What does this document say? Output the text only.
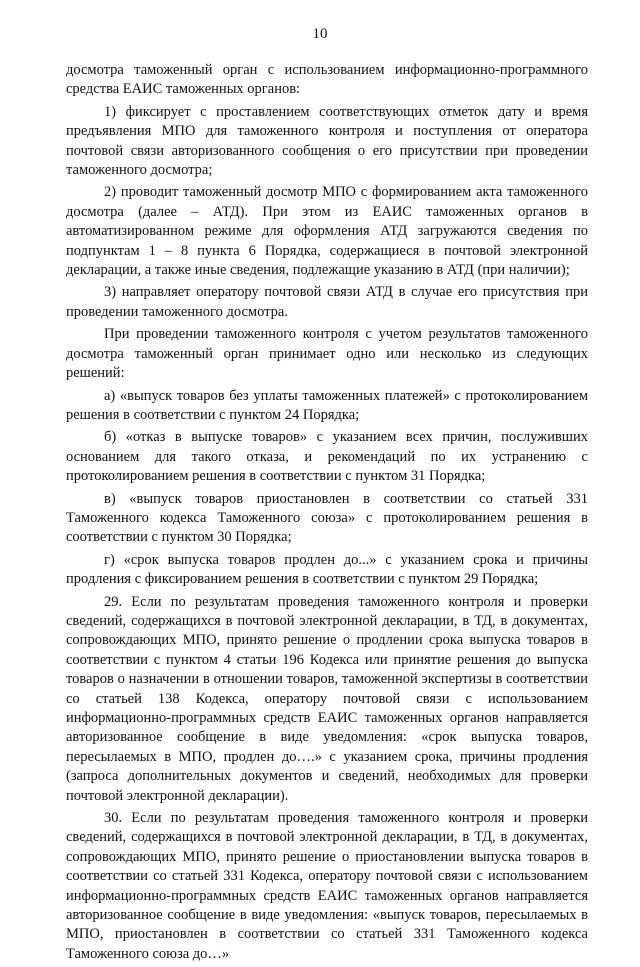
10

досмотра таможенный орган с использованием информационно-программного средства ЕАИС таможенных органов:

1) фиксирует с проставлением соответствующих отметок дату и время предъявления МПО для таможенного контроля и поступления от оператора почтовой связи авторизованного сообщения о его присутствии при проведении таможенного досмотра;

2) проводит таможенный досмотр МПО с формированием акта таможенного досмотра (далее – АТД). При этом из ЕАИС таможенных органов в автоматизированном режиме для оформления АТД загружаются сведения по подпунктам 1 – 8 пункта 6 Порядка, содержащиеся в почтовой электронной декларации, а также иные сведения, подлежащие указанию в АТД (при наличии);

3) направляет оператору почтовой связи АТД в случае его присутствия при проведении таможенного досмотра.

При проведении таможенного контроля с учетом результатов таможенного досмотра таможенный орган принимает одно или несколько из следующих решений:

а) «выпуск товаров без уплаты таможенных платежей» с протоколированием решения в соответствии с пунктом 24 Порядка;

б) «отказ в выпуске товаров» с указанием всех причин, послуживших основанием для такого отказа, и рекомендаций по их устранению с протоколированием решения в соответствии с пунктом 31 Порядка;

в) «выпуск товаров приостановлен в соответствии со статьей 331 Таможенного кодекса Таможенного союза» с протоколированием решения в соответствии с пунктом 30 Порядка;

г) «срок выпуска товаров продлен до...» с указанием срока и причины продления с фиксированием решения в соответствии с пунктом 29 Порядка;

29. Если по результатам проведения таможенного контроля и проверки сведений, содержащихся в почтовой электронной декларации, в ТД, в документах, сопровождающих МПО, принято решение о продлении срока выпуска товаров в соответствии с пунктом 4 статьи 196 Кодекса или принятие решения до выпуска товаров о назначении в отношении товаров, таможенной экспертизы в соответствии со статьей 138 Кодекса, оператору почтовой связи с использованием информационно-программных средств ЕАИС таможенных органов направляется авторизованное сообщение в виде уведомления: «срок выпуска товаров, пересылаемых в МПО, продлен до….» с указанием срока, причины продления (запроса дополнительных документов и сведений, необходимых для проверки почтовой электронной декларации).

30. Если по результатам проведения таможенного контроля и проверки сведений, содержащихся в почтовой электронной декларации, в ТД, в документах, сопровождающих МПО, принято решение о приостановлении выпуска товаров в соответствии со статьей 331 Кодекса, оператору почтовой связи с использованием информационно-программных средств ЕАИС таможенных органов направляется авторизованное сообщение в виде уведомления: «выпуск товаров, пересылаемых в МПО, приостановлен в соответствии со статьей 331 Таможенного кодекса Таможенного союза до…»
